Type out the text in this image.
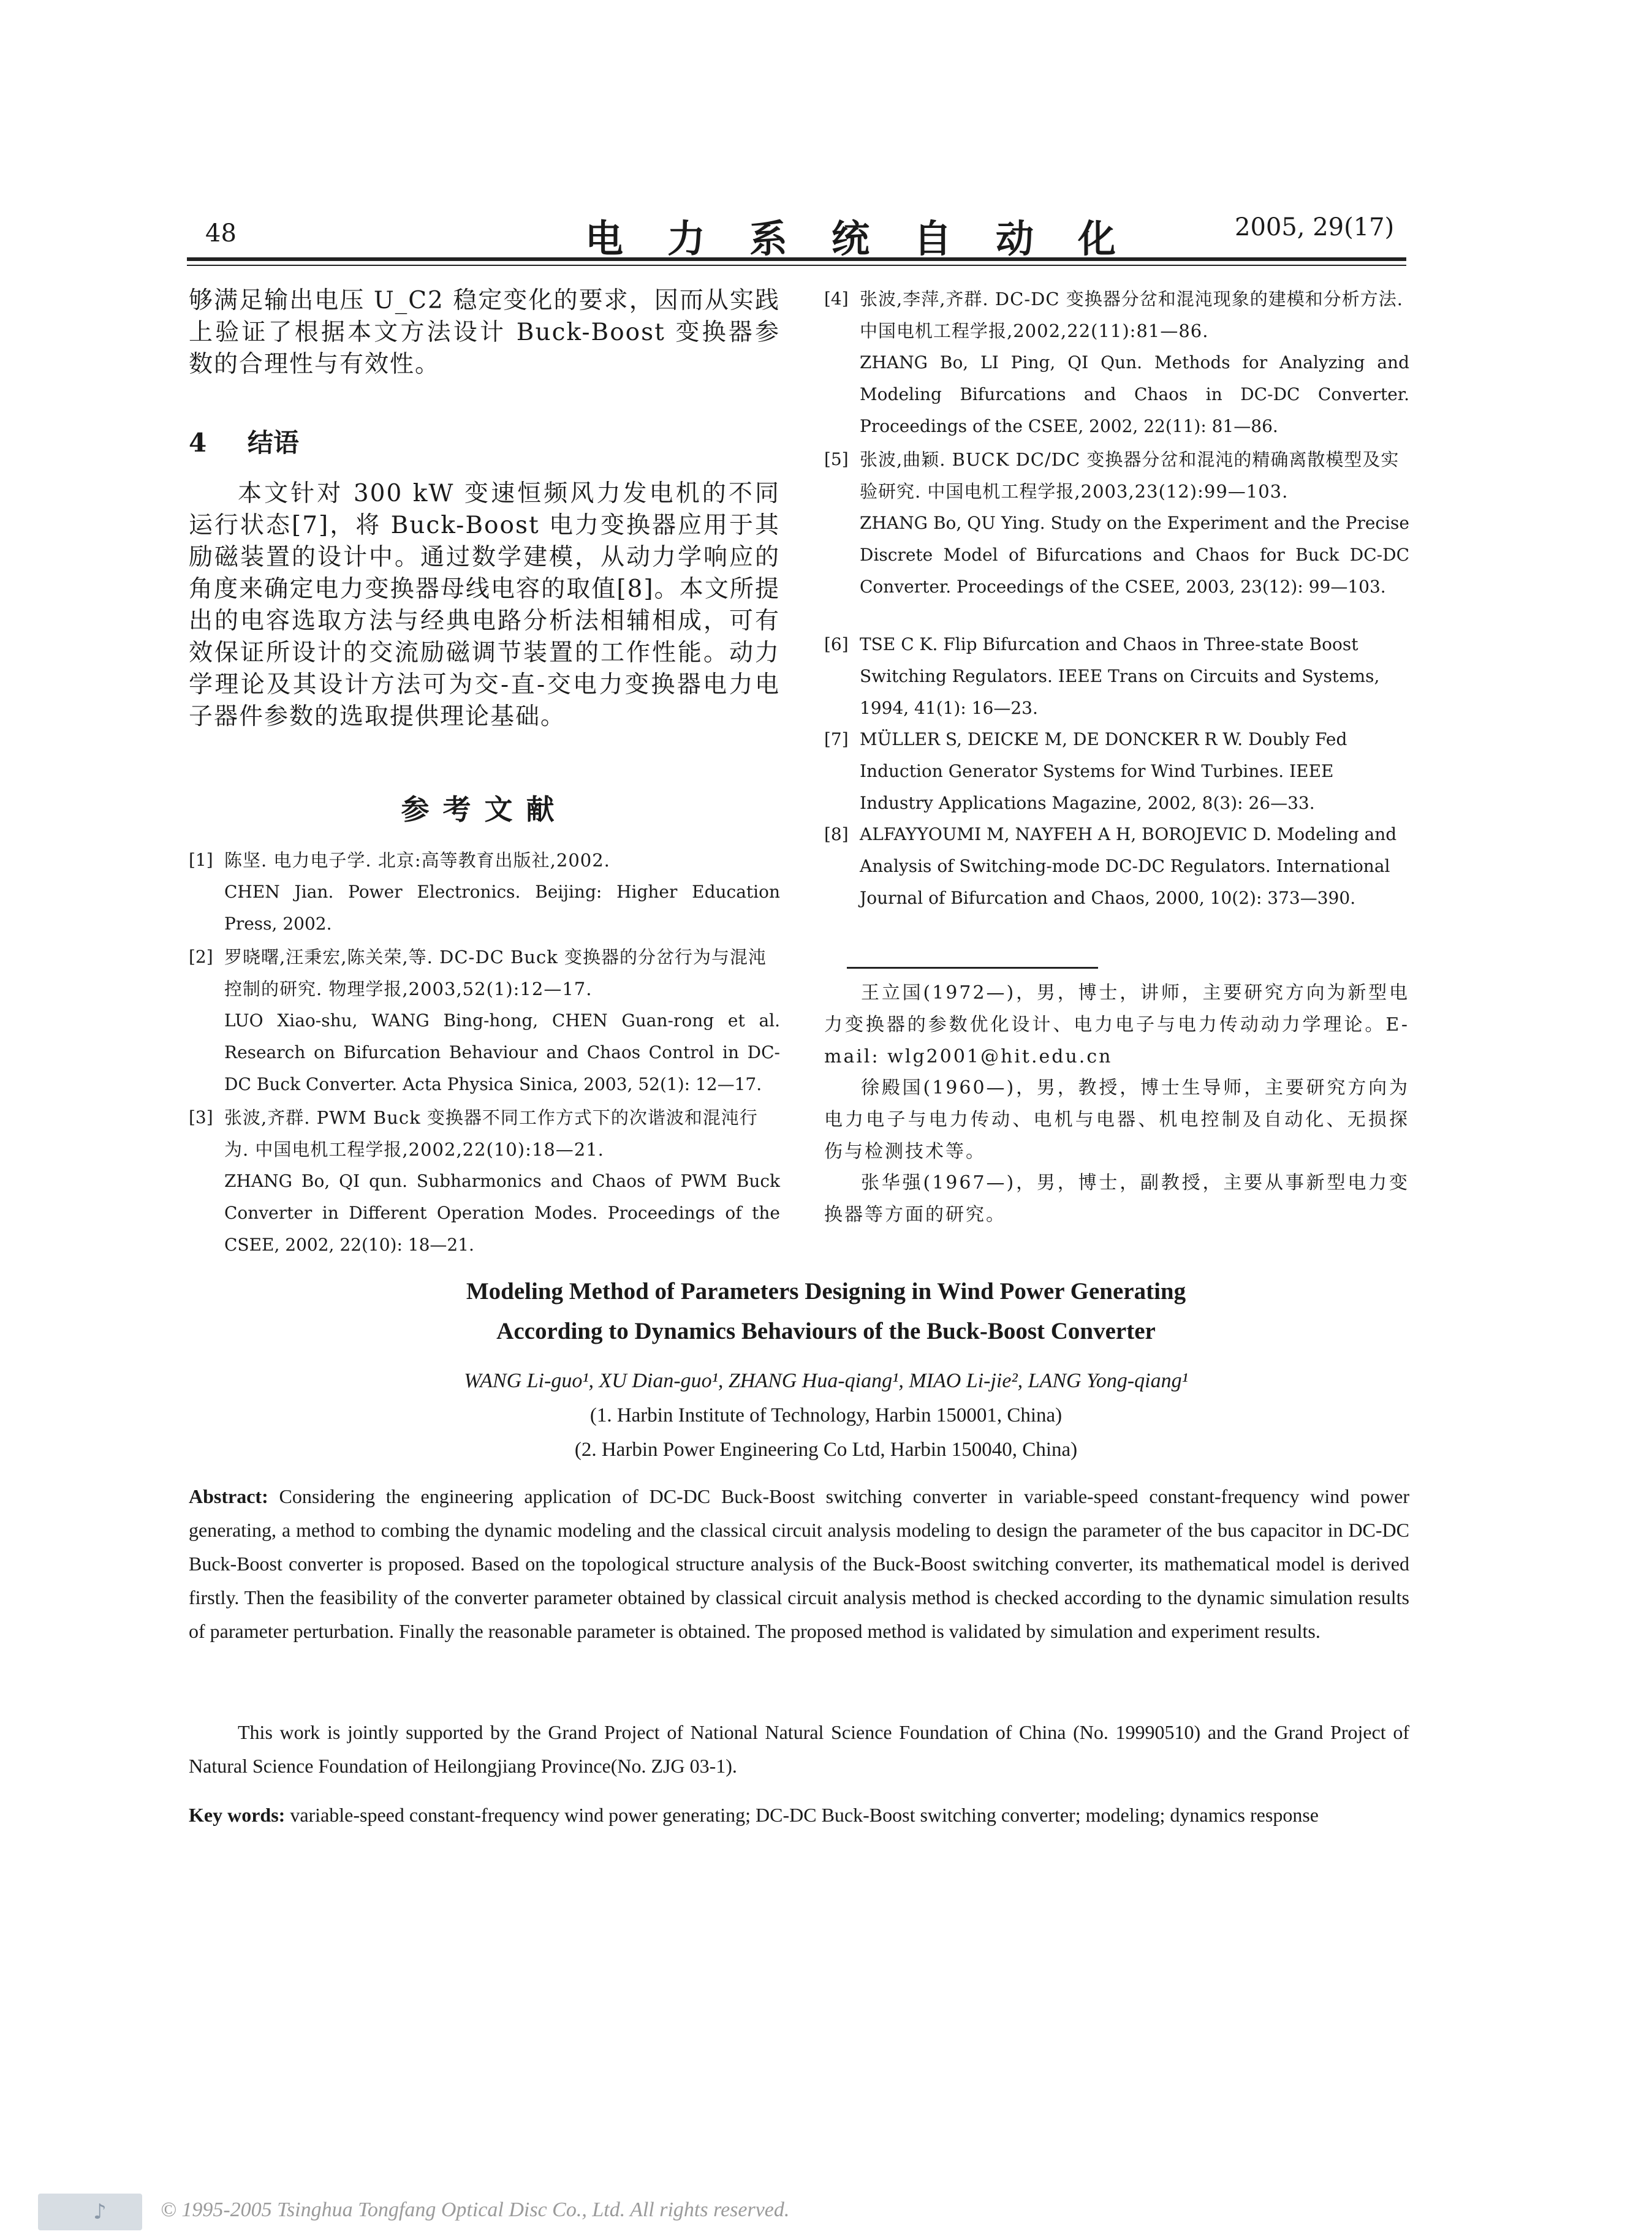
48	电力系统自动化	2005, 29(17)

够满足输出电压 U_C2 稳定变化的要求，因而从实践上验证了根据本文方法设计 Buck-Boost 变换器参数的合理性与有效性。

4 结语

本文针对 300 kW 变速恒频风力发电机的不同运行状态[7]，将 Buck-Boost 电力变换器应用于其励磁装置的设计中。通过数学建模，从动力学响应的角度来确定电力变换器母线电容的取值[8]。本文所提出的电容选取方法与经典电路分析法相辅相成，可有效保证所设计的交流励磁调节装置的工作性能。动力学理论及其设计方法可为交-直-交电力变换器电力电子器件参数的选取提供理论基础。

参考文献
[1] 陈坚. 电力电子学. 北京:高等教育出版社,2002.
CHEN Jian. Power Electronics. Beijing: Higher Education Press, 2002.
[2] 罗晓曙,汪秉宏,陈关荣,等. DC-DC Buck 变换器的分岔行为与混沌控制的研究. 物理学报,2003,52(1):12—17.
LUO Xiao-shu, WANG Bing-hong, CHEN Guan-rong et al. Research on Bifurcation Behaviour and Chaos Control in DC-DC Buck Converter. Acta Physica Sinica, 2003, 52(1): 12—17.
[3] 张波,齐群. PWM Buck 变换器不同工作方式下的次谐波和混沌行为. 中国电机工程学报,2002,22(10):18—21.
ZHANG Bo, QI qun. Subharmonics and Chaos of PWM Buck Converter in Different Operation Modes. Proceedings of the CSEE, 2002, 22(10): 18—21.
[4] 张波,李萍,齐群. DC-DC 变换器分岔和混沌现象的建模和分析方法. 中国电机工程学报,2002,22(11):81—86.
ZHANG Bo, LI Ping, QI Qun. Methods for Analyzing and Modeling Bifurcations and Chaos in DC-DC Converter. Proceedings of the CSEE, 2002, 22(11): 81—86.
[5] 张波,曲颖. BUCK DC/DC 变换器分岔和混沌的精确离散模型及实验研究. 中国电机工程学报,2003,23(12):99—103.
ZHANG Bo, QU Ying. Study on the Experiment and the Precise Discrete Model of Bifurcations and Chaos for Buck DC-DC Converter. Proceedings of the CSEE, 2003, 23(12): 99—103.
[6] TSE C K. Flip Bifurcation and Chaos in Three-state Boost Switching Regulators. IEEE Trans on Circuits and Systems, 1994, 41(1): 16—23.
[7] MÜLLER S, DEICKE M, DE DONCKER R W. Doubly Fed Induction Generator Systems for Wind Turbines. IEEE Industry Applications Magazine, 2002, 8(3): 26—33.
[8] ALFAYYOUMI M, NAYFEH A H, BOROJEVIC D. Modeling and Analysis of Switching-mode DC-DC Regulators. International Journal of Bifurcation and Chaos, 2000, 10(2): 373—390.

王立国(1972—)，男，博士，讲师，主要研究方向为新型电力变换器的参数优化设计、电力电子与电力传动动力学理论。E-mail: wlg2001@hit.edu.cn

徐殿国(1960—)，男，教授，博士生导师，主要研究方向为电力电子与电力传动、电机与电器、机电控制及自动化、无损探伤与检测技术等。

张华强(1967—)，男，博士，副教授，主要从事新型电力变换器等方面的研究。

Modeling Method of Parameters Designing in Wind Power Generating
According to Dynamics Behaviours of the Buck-Boost Converter
WANG Li-guo¹, XU Dian-guo¹, ZHANG Hua-qiang¹, MIAO Li-jie², LANG Yong-qiang¹
(1. Harbin Institute of Technology, Harbin 150001, China)
(2. Harbin Power Engineering Co Ltd, Harbin 150040, China)

Abstract: Considering the engineering application of DC-DC Buck-Boost switching converter in variable-speed constant-frequency wind power generating, a method to combing the dynamic modeling and the classical circuit analysis modeling to design the parameter of the bus capacitor in DC-DC Buck-Boost converter is proposed. Based on the topological structure analysis of the Buck-Boost switching converter, its mathematical model is derived firstly. Then the feasibility of the converter parameter obtained by classical circuit analysis method is checked according to the dynamic simulation results of parameter perturbation. Finally the reasonable parameter is obtained. The proposed method is validated by simulation and experiment results.

This work is jointly supported by the Grand Project of National Natural Science Foundation of China (No. 19990510) and the Grand Project of Natural Science Foundation of Heilongjiang Province(No. ZJG 03-1).

Key words: variable-speed constant-frequency wind power generating; DC-DC Buck-Boost switching converter; modeling; dynamics response

♪	© 1995-2005 Tsinghua Tongfang Optical Disc Co., Ltd. All rights reserved.
